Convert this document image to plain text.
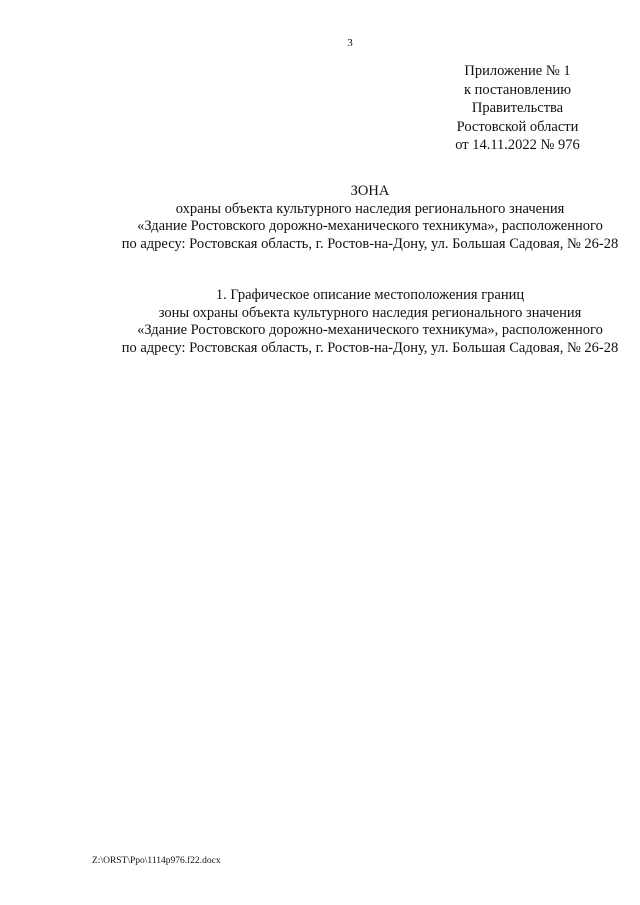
3
Приложение № 1
к постановлению
Правительства
Ростовской области
от 14.11.2022 № 976
ЗОНА
охраны объекта культурного наследия регионального значения
«Здание Ростовского дорожно-механического техникума», расположенного
по адресу: Ростовская область, г. Ростов-на-Дону, ул. Большая Садовая, № 26-28
1. Графическое описание местоположения границ
зоны охраны объекта культурного наследия регионального значения
«Здание Ростовского дорожно-механического техникума», расположенного
по адресу: Ростовская область, г. Ростов-на-Дону, ул. Большая Садовая, № 26-28
Z:\ORST\Ppo\1114p976.f22.docx
